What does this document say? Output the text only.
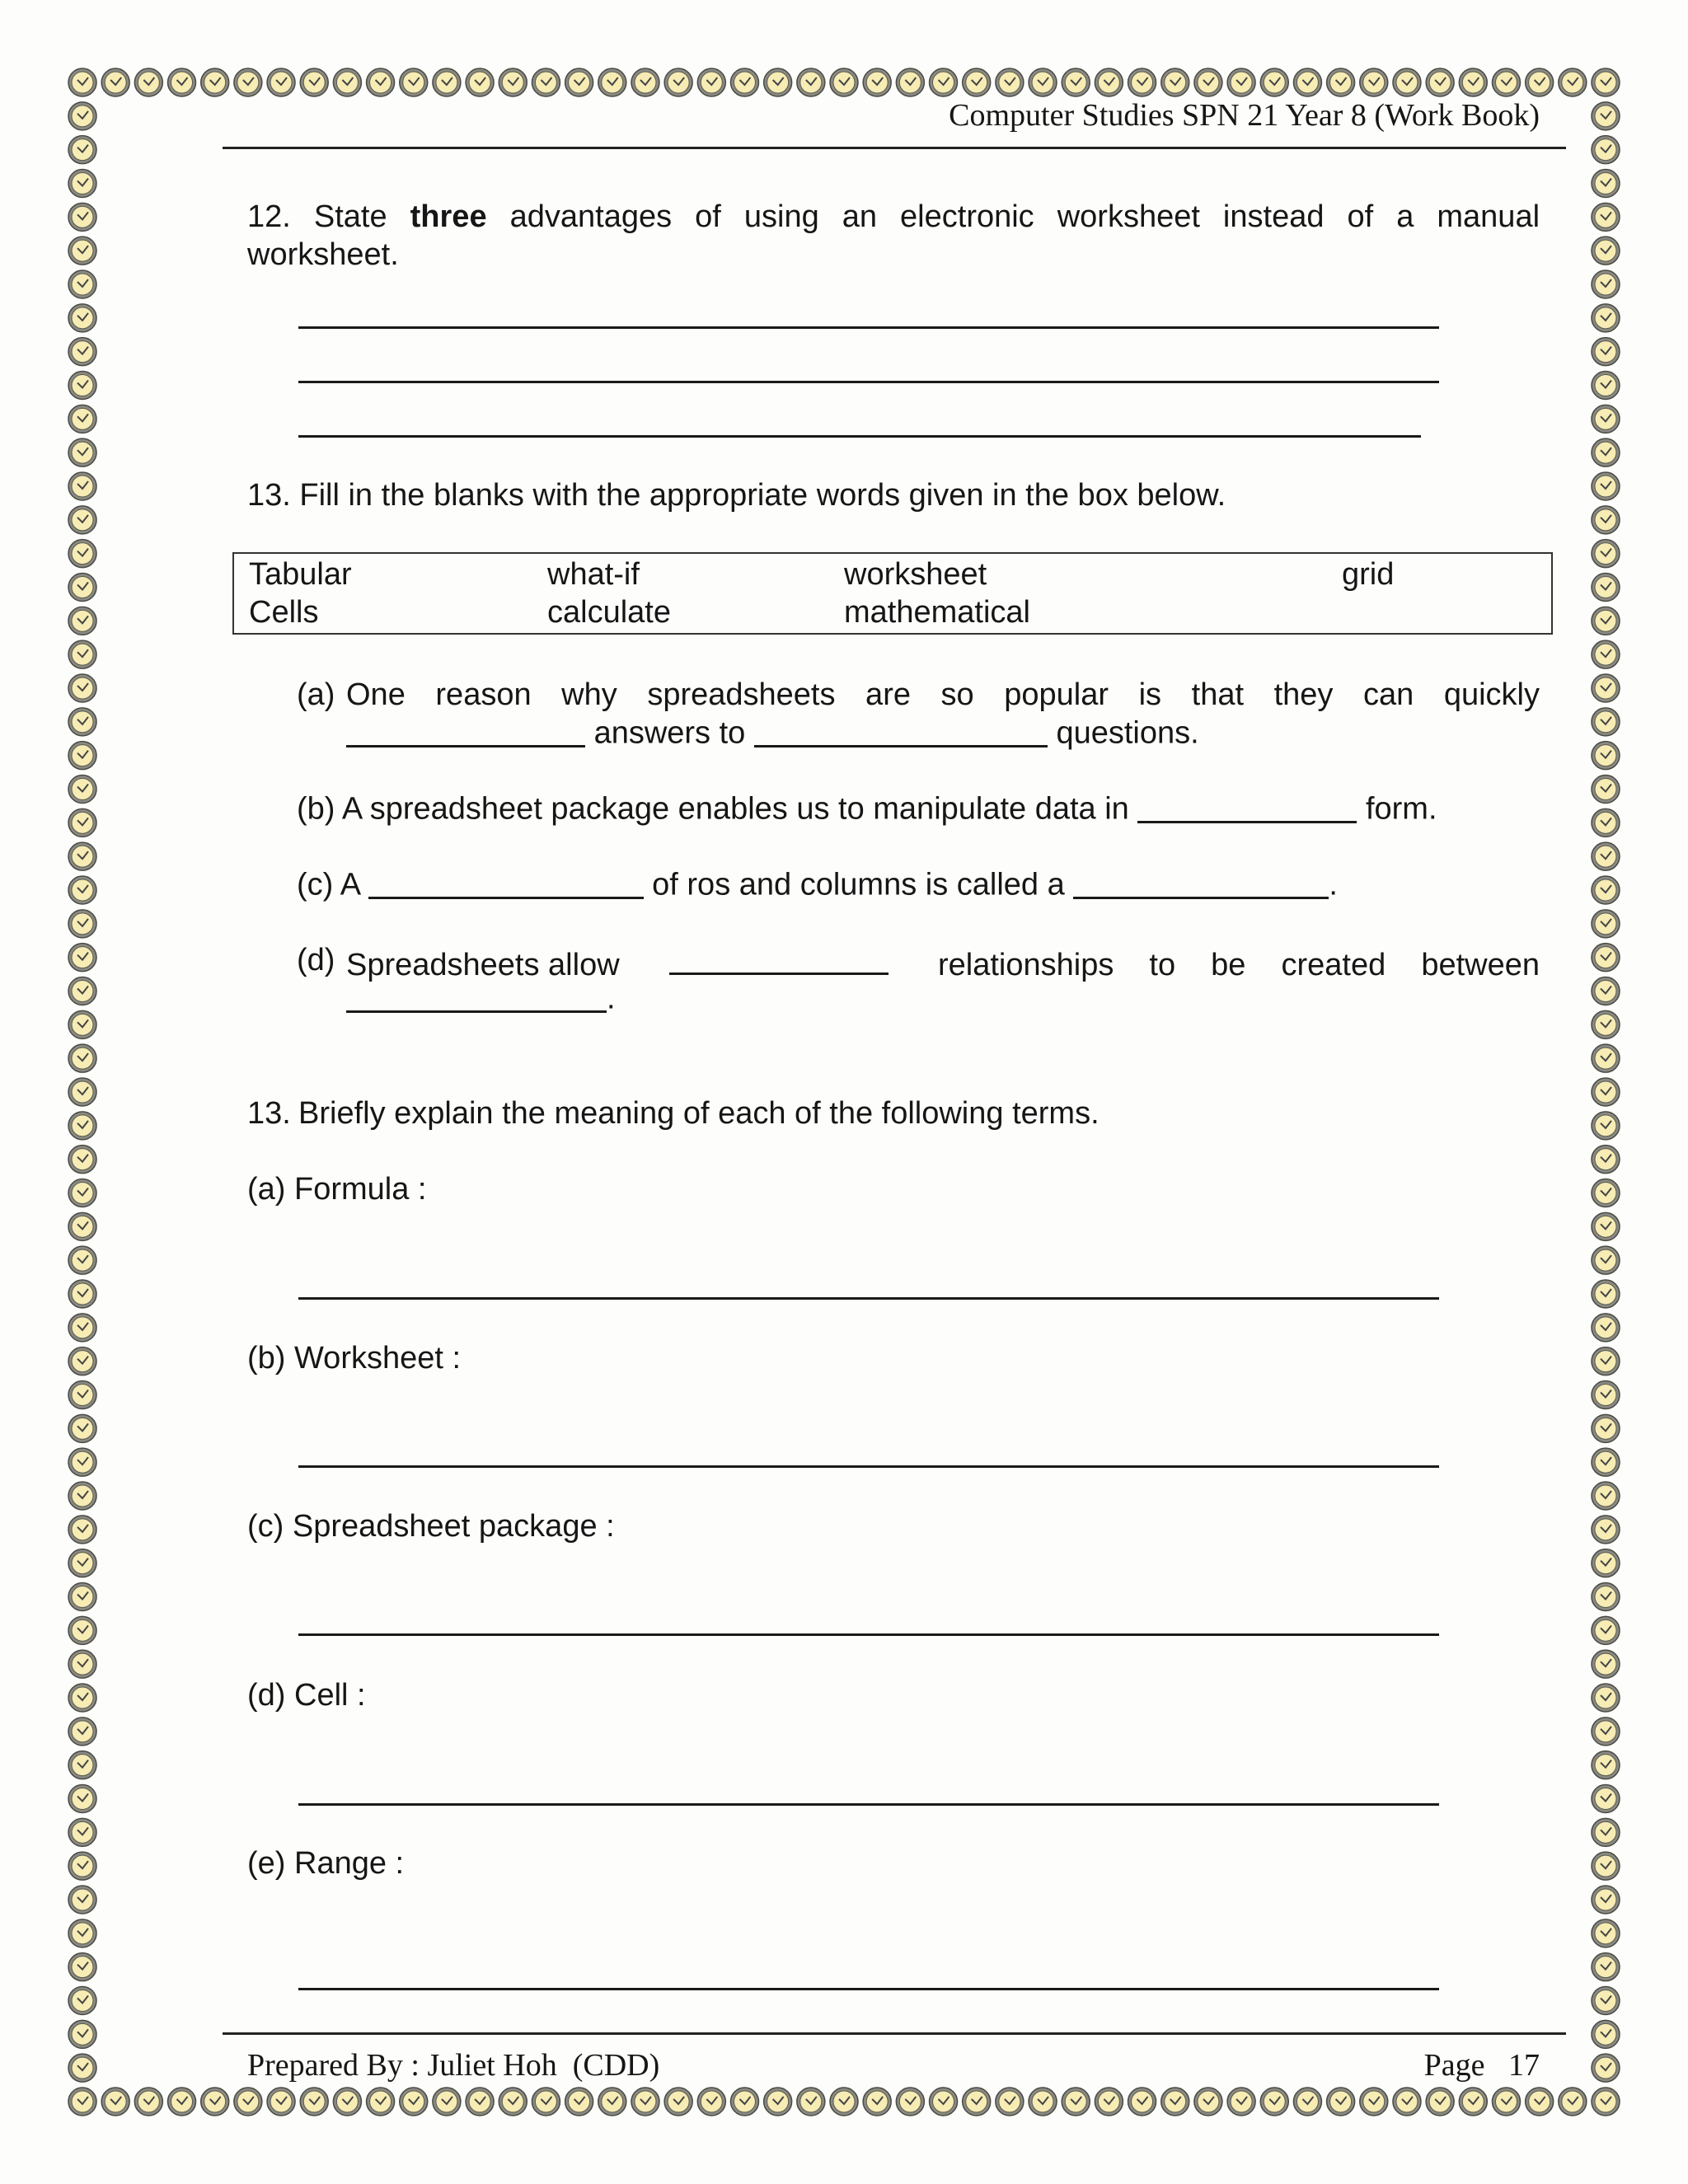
Computer Studies SPN 21 Year 8 (Work Book)
12. State three advantages of using an electronic worksheet instead of a manual
worksheet.
13. Fill in the blanks with the appropriate words given in the box below.
Tabular	what-if	worksheet	grid
Cells	calculate	mathematical
(a) One reason why spreadsheets are so popular is that they can quickly
answers to	questions.
(b) A spreadsheet package enables us to manipulate data in	form.
(c) A	of ros and columns is called a	.
(d) Spreadsheets allow	relationships to be created between
.
13. Briefly explain the meaning of each of the following terms.
(a) Formula :
(b) Worksheet :
(c) Spreadsheet package :
(d) Cell :
(e) Range :
Prepared By : Juliet Hoh  (CDD)	Page 17
